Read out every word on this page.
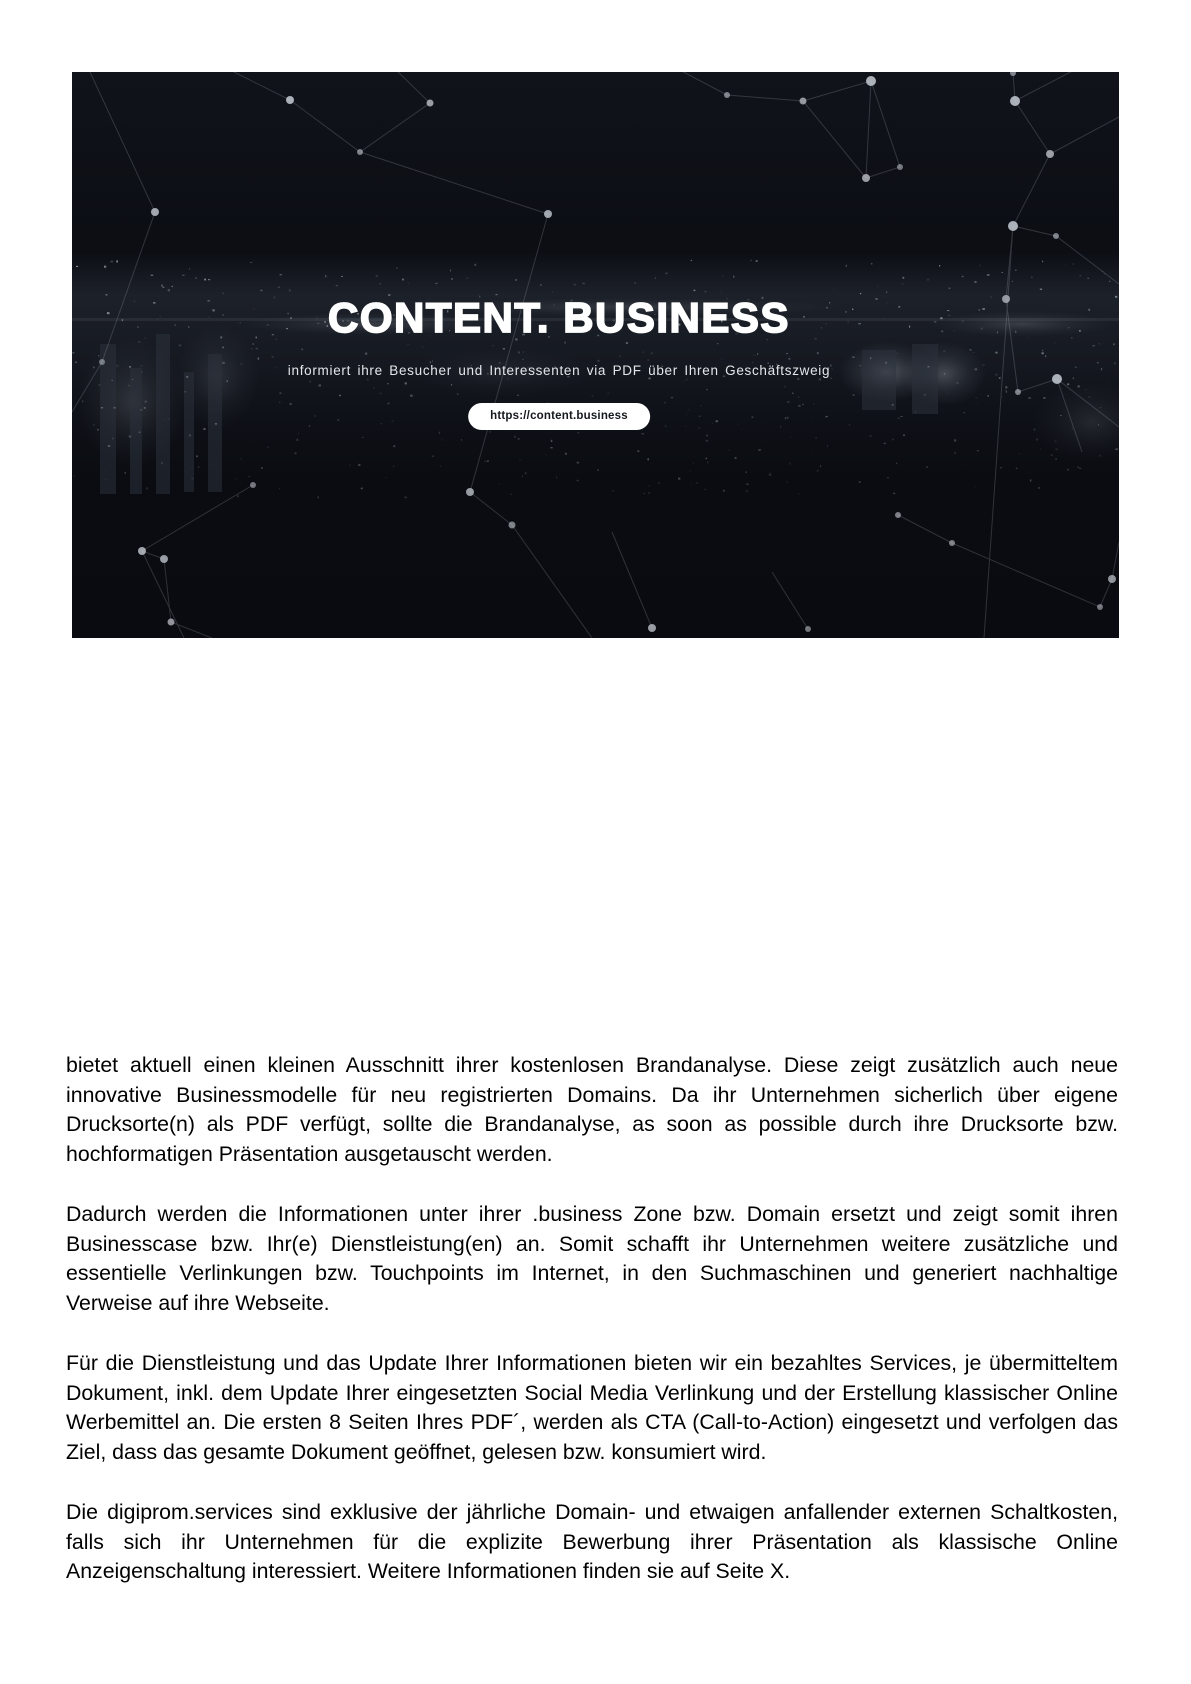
CONTENT. BUSINESS
informiert ihre Besucher und Interessenten via PDF über Ihren Geschäftszweig
https://content.business

bietet aktuell einen kleinen Ausschnitt ihrer kostenlosen Brandanalyse. Diese zeigt zusätzlich auch neue innovative Businessmodelle für neu registrierten Domains. Da ihr Unternehmen sicherlich über eigene Drucksorte(n) als PDF verfügt, sollte die Brandanalyse, as soon as possible durch ihre Drucksorte bzw. hochformatigen Präsentation ausgetauscht werden.

Dadurch werden die Informationen unter ihrer .business Zone bzw. Domain ersetzt und zeigt somit ihren Businesscase bzw. Ihr(e) Dienstleistung(en) an. Somit schafft ihr Unternehmen weitere zusätzliche und essentielle Verlinkungen bzw. Touchpoints im Internet, in den Suchmaschinen und generiert nachhaltige Verweise auf ihre Webseite.

Für die Dienstleistung und das Update Ihrer Informationen bieten wir ein bezahltes Services, je übermitteltem Dokument, inkl. dem Update Ihrer eingesetzten Social Media Verlinkung und der Erstellung klassischer Online Werbemittel an. Die ersten 8 Seiten Ihres PDF´, werden als CTA (Call-to-Action) eingesetzt und verfolgen das Ziel, dass das gesamte Dokument geöffnet, gelesen bzw. konsumiert wird.

Die digiprom.services sind exklusive der jährliche Domain- und etwaigen anfallender externen Schaltkosten, falls sich ihr Unternehmen für die explizite Bewerbung ihrer Präsentation als klassische Online Anzeigenschaltung interessiert. Weitere Informationen finden sie auf Seite X.
